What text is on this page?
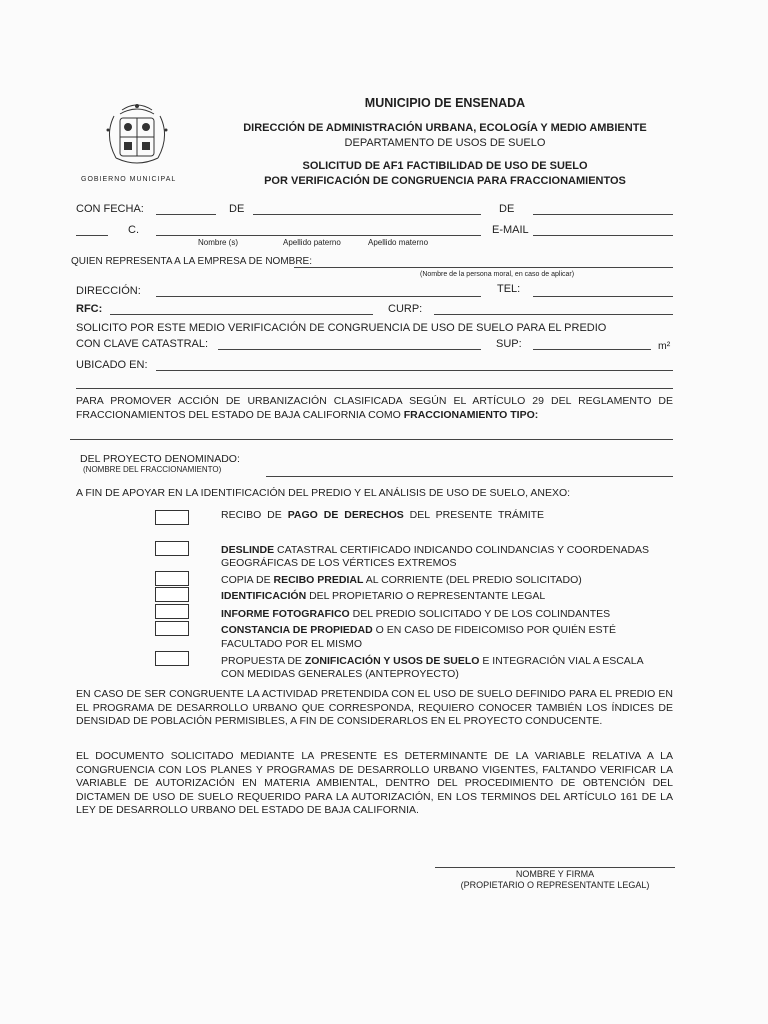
GOBIERNO MUNICIPAL
MUNICIPIO DE ENSENADA
DIRECCIÓN DE ADMINISTRACIÓN URBANA, ECOLOGÍA Y MEDIO AMBIENTE
DEPARTAMENTO DE USOS DE SUELO
SOLICITUD DE AF1 FACTIBILIDAD DE USO DE SUELO
POR VERIFICACIÓN DE CONGRUENCIA PARA FRACCIONAMIENTOS
CON FECHA:	DE	DE
C.	E-MAIL
Nombre (s)	Apellido paterno	Apellido materno
QUIEN REPRESENTA A LA EMPRESA DE NOMBRE:
(Nombre de la persona moral, en caso de aplicar)
DIRECCIÓN:	TEL:
RFC:	CURP:
SOLICITO POR ESTE MEDIO VERIFICACIÓN DE CONGRUENCIA DE USO DE SUELO PARA EL PREDIO
CON CLAVE CATASTRAL:	SUP:	m²
UBICADO EN:
PARA PROMOVER ACCIÓN DE URBANIZACIÓN CLASIFICADA SEGÚN EL ARTÍCULO 29 DEL REGLAMENTO DE FRACCIONAMIENTOS DEL ESTADO DE BAJA CALIFORNIA COMO FRACCIONAMIENTO TIPO:
DEL PROYECTO DENOMINADO:
(NOMBRE DEL FRACCIONAMIENTO)
A FIN DE APOYAR EN LA IDENTIFICACIÓN DEL PREDIO Y EL ANÁLISIS DE USO DE SUELO, ANEXO:
RECIBO DE PAGO DE DERECHOS DEL PRESENTE TRÁMITE
DESLINDE CATASTRAL CERTIFICADO INDICANDO COLINDANCIAS Y COORDENADAS
GEOGRÁFICAS DE LOS VÉRTICES EXTREMOS
COPIA DE RECIBO PREDIAL AL CORRIENTE (DEL PREDIO SOLICITADO)
IDENTIFICACIÓN DEL PROPIETARIO O REPRESENTANTE LEGAL
INFORME FOTOGRAFICO DEL PREDIO SOLICITADO Y DE LOS COLINDANTES
CONSTANCIA DE PROPIEDAD O EN CASO DE FIDEICOMISO POR QUIÉN ESTÉ
FACULTADO POR EL MISMO
PROPUESTA DE ZONIFICACIÓN Y USOS DE SUELO E INTEGRACIÓN VIAL A ESCALA
CON MEDIDAS GENERALES (ANTEPROYECTO)
EN CASO DE SER CONGRUENTE LA ACTIVIDAD PRETENDIDA CON EL USO DE SUELO DEFINIDO PARA EL PREDIO EN EL PROGRAMA DE DESARROLLO URBANO QUE CORRESPONDA, REQUIERO CONOCER TAMBIÉN LOS ÍNDICES DE DENSIDAD DE POBLACIÓN PERMISIBLES, A FIN DE CONSIDERARLOS EN EL PROYECTO CONDUCENTE.
EL DOCUMENTO SOLICITADO MEDIANTE LA PRESENTE ES DETERMINANTE DE LA VARIABLE RELATIVA A LA CONGRUENCIA CON LOS PLANES Y PROGRAMAS DE DESARROLLO URBANO VIGENTES, FALTANDO VERIFICAR LA VARIABLE DE AUTORIZACIÓN EN MATERIA AMBIENTAL, DENTRO DEL PROCEDIMIENTO DE OBTENCIÓN DEL DICTAMEN DE USO DE SUELO REQUERIDO PARA LA AUTORIZACIÓN, EN LOS TERMINOS DEL ARTÍCULO 161 DE LA LEY DE DESARROLLO URBANO DEL ESTADO DE BAJA CALIFORNIA.
NOMBRE Y FIRMA
(PROPIETARIO O REPRESENTANTE LEGAL)
